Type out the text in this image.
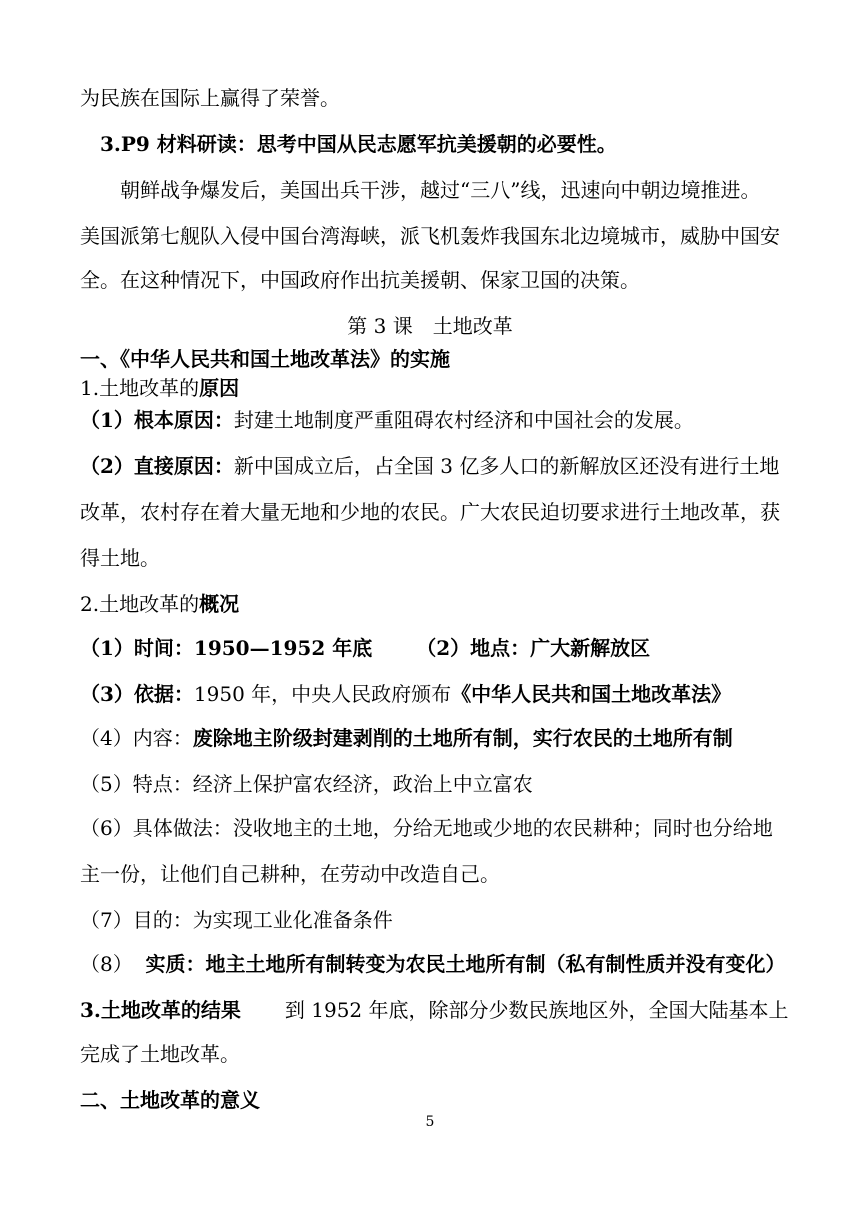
为民族在国际上赢得了荣誉。
3.P9 材料研读：思考中国从民志愿军抗美援朝的必要性。
朝鲜战争爆发后，美国出兵干涉，越过“三八”线，迅速向中朝边境推进。
美国派第七舰队入侵中国台湾海峡，派飞机轰炸我国东北边境城市，威胁中国安
全。在这种情况下，中国政府作出抗美援朝、保家卫国的决策。
第 3 课　土地改革
一、《中华人民共和国土地改革法》的实施
1.土地改革的原因
（1）根本原因：封建土地制度严重阻碍农村经济和中国社会的发展。
（2）直接原因：新中国成立后，占全国 3 亿多人口的新解放区还没有进行土地
改革，农村存在着大量无地和少地的农民。广大农民迫切要求进行土地改革，获
得土地。
2.土地改革的概况
（1）时间：1950—1952 年底 （2）地点：广大新解放区
（3）依据：1950 年，中央人民政府颁布《中华人民共和国土地改革法》
（4）内容：废除地主阶级封建剥削的土地所有制，实行农民的土地所有制
（5）特点：经济上保护富农经济，政治上中立富农
（6）具体做法：没收地主的土地，分给无地或少地的农民耕种；同时也分给地
主一份，让他们自己耕种，在劳动中改造自己。
（7）目的：为实现工业化准备条件
（8） 实质：地主土地所有制转变为农民土地所有制（私有制性质并没有变化）
3.土地改革的结果 到 1952 年底，除部分少数民族地区外，全国大陆基本上
完成了土地改革。
二、土地改革的意义
5
